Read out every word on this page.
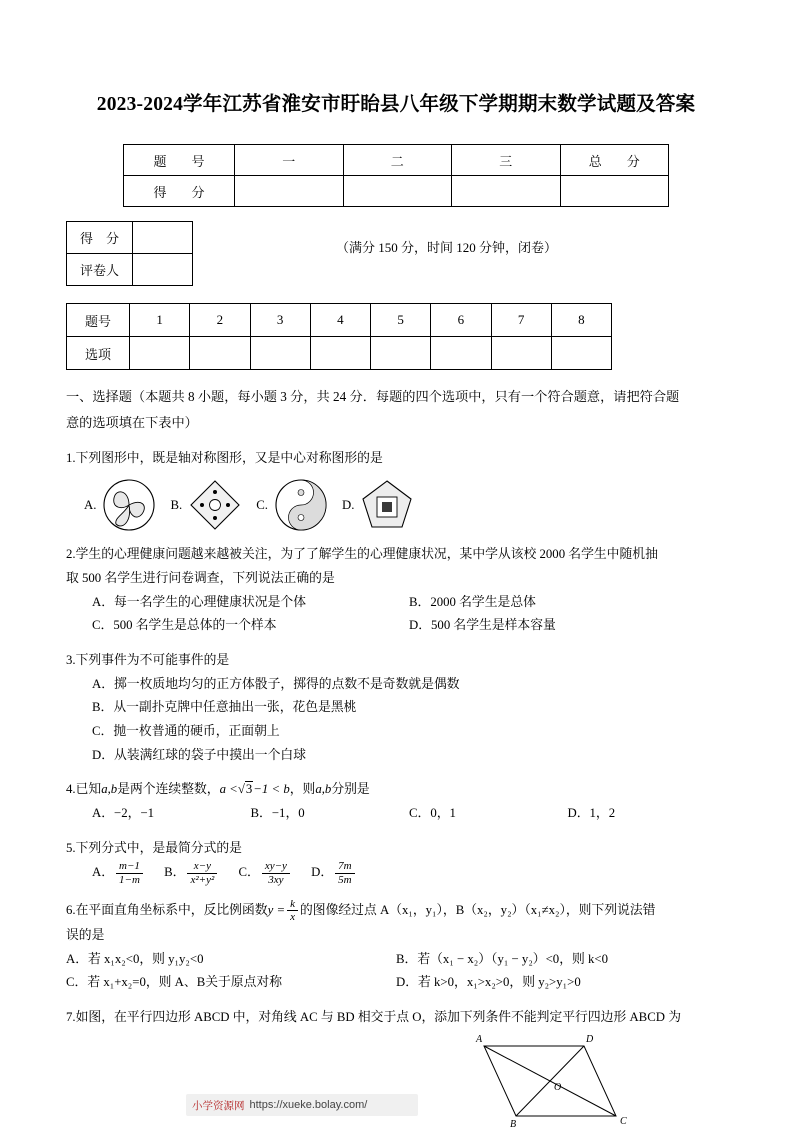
2023-2024学年江苏省淮安市盱眙县八年级下学期期末数学试题及答案
题　号	一	二	三	总　分
得　分				
得　分	
评卷人	
（满分 150 分，时间 120 分钟，闭卷）
题号	1	2	3	4	5	6	7	8
选项								
一、选择题（本题共 8 小题，每小题 3 分，共 24 分．每题的四个选项中，只有一个符合题意，请把符合题
意的选项填在下表中）
1.下列图形中，既是轴对称图形，又是中心对称图形的是
A.	B.	C.	D.
2.学生的心理健康问题越来越被关注，为了了解学生的心理健康状况，某中学从该校 2000 名学生中随机抽
取 500 名学生进行问卷调查，下列说法正确的是
A．每一名学生的心理健康状况是个体	B．2000 名学生是总体
C．500 名学生是总体的一个样本	D．500 名学生是样本容量
3.下列事件为不可能事件的是
A．掷一枚质地均匀的正方体骰子，掷得的点数不是奇数就是偶数
B．从一副扑克牌中任意抽出一张，花色是黑桃
C．抛一枚普通的硬币，正面朝上
D．从装满红球的袋子中摸出一个白球
4.已知a,b是两个连续整数，a <√3−1 < b，则a,b分别是
A．−2，−1	B．−1，0	C．0，1	D．1，2
5.下列分式中，是最简分式的是
A． $\frac{m-1}{1-m}$ B． $\frac{x-y}{\text{x²+y²}}$ C． $\frac{xy-y}{3xy}$ D． $\frac{7m}{5m}$
6.在平面直角坐标系中，反比例函数$y = \frac{k}{x}$ 的图像经过点 A（x₁，y₁），B（x₂，y₂）（x₁≠x₂），则下列说法错
误的是
A．若 x₁x₂<0，则 y₁y₂<0	B．若（x₁ − x₂）（y₁ − y₂）<0，则 k<0
C．若 x₁+x₂=0，则 A、B关于原点对称	D．若 k>0，x₁>x₂>0，则 y₂>y₁>0
7.如图，在平行四边形 ABCD 中，对角线 AC 与 BD 相交于点 O，添加下列条件不能判定平行四边形 ABCD 为
A	D
O
B	C
小学资源网 https://xueke.bolay.com/
